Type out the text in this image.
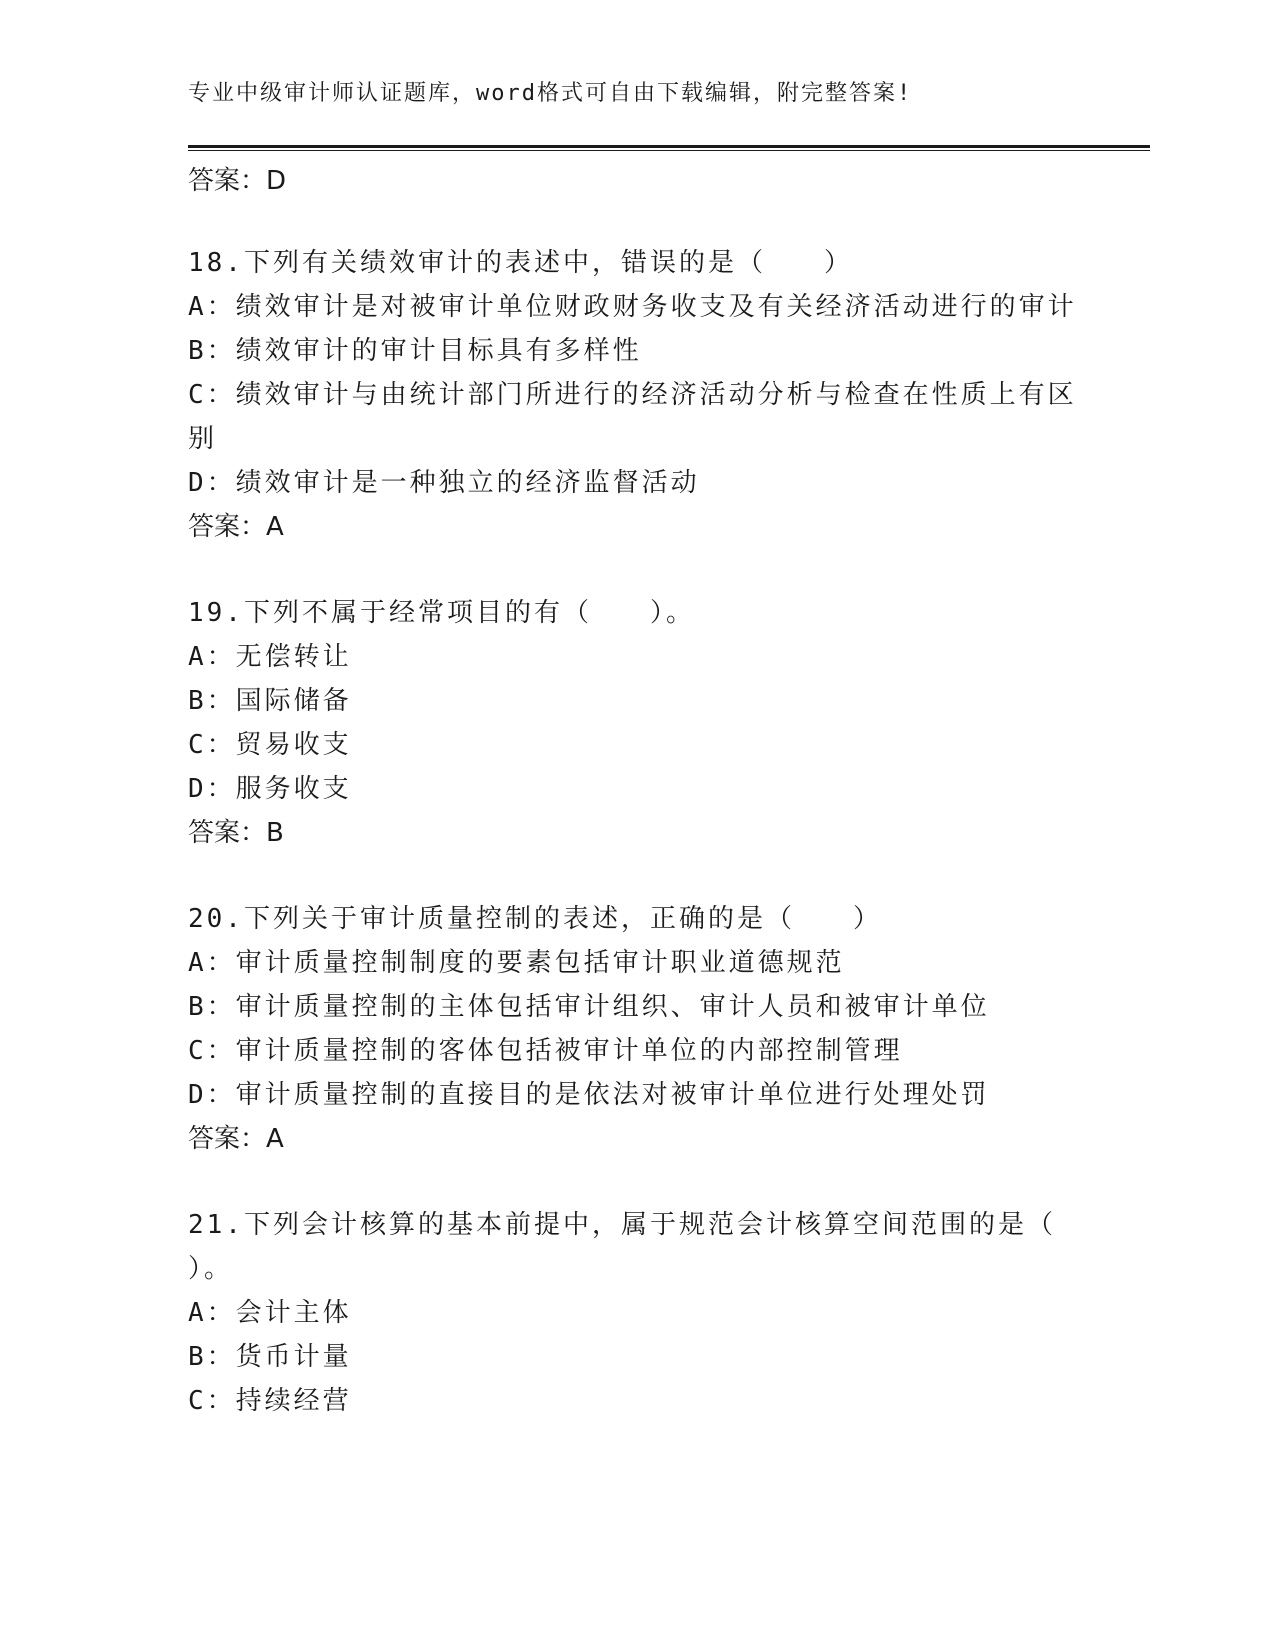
专业中级审计师认证题库，word格式可自由下载编辑，附完整答案!
答案：D
18.下列有关绩效审计的表述中，错误的是（　　）
A：绩效审计是对被审计单位财政财务收支及有关经济活动进行的审计
B：绩效审计的审计目标具有多样性
C：绩效审计与由统计部门所进行的经济活动分析与检查在性质上有区
别
D：绩效审计是一种独立的经济监督活动
答案：A
19.下列不属于经常项目的有（　　）。
A：无偿转让
B：国际储备
C：贸易收支
D：服务收支
答案：B
20.下列关于审计质量控制的表述，正确的是（　　）
A：审计质量控制制度的要素包括审计职业道德规范
B：审计质量控制的主体包括审计组织、审计人员和被审计单位
C：审计质量控制的客体包括被审计单位的内部控制管理
D：审计质量控制的直接目的是依法对被审计单位进行处理处罚
答案：A
21.下列会计核算的基本前提中，属于规范会计核算空间范围的是（
）。
A：会计主体
B：货币计量
C：持续经营
